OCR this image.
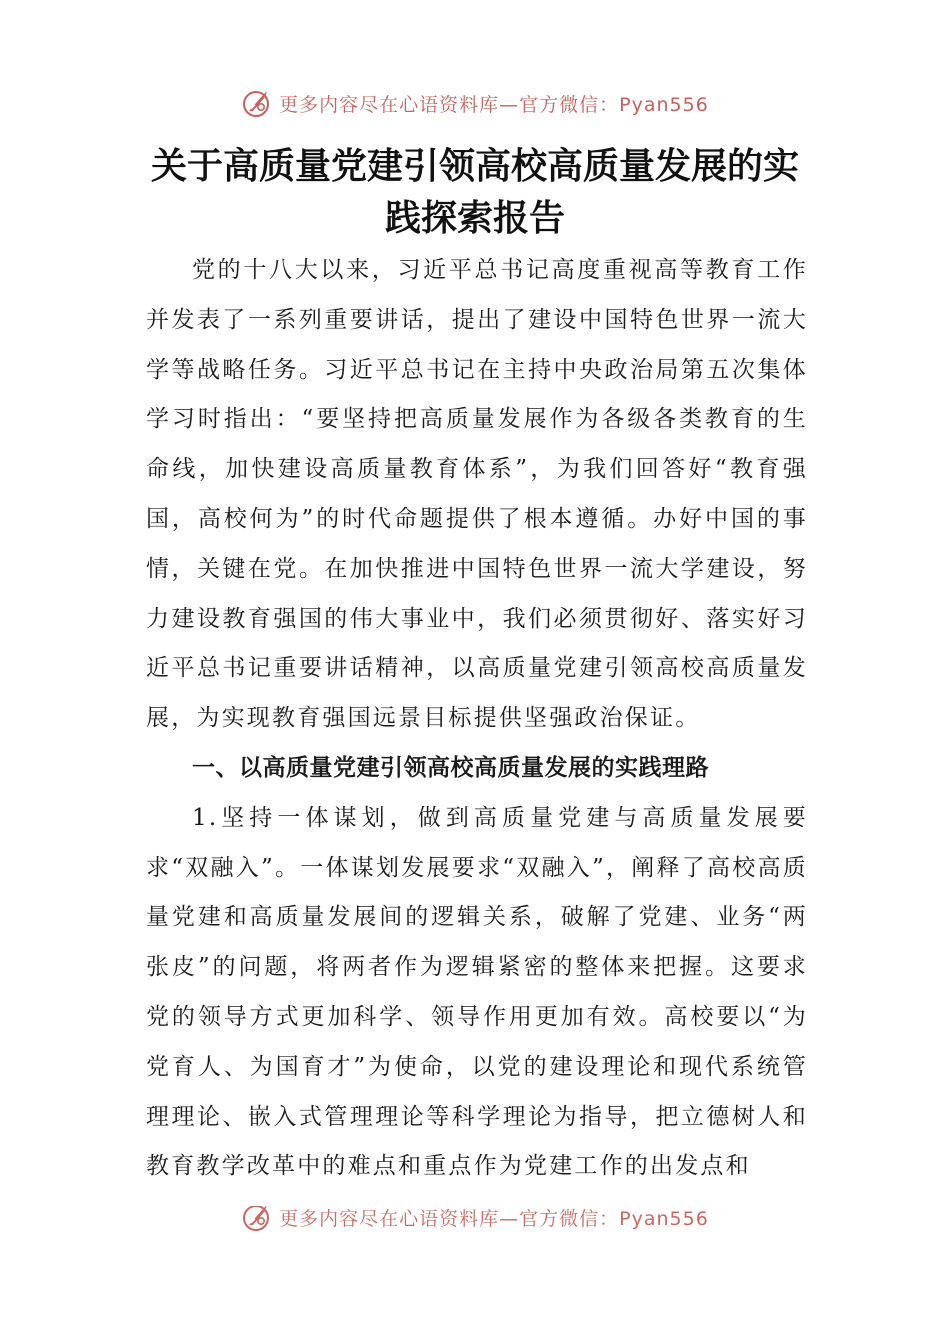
更多内容尽在心语资料库—官方微信：Pyan556
关于高质量党建引领高校高质量发展的实践探索报告

党的十八大以来，习近平总书记高度重视高等教育工作并发表了一系列重要讲话，提出了建设中国特色世界一流大学等战略任务。习近平总书记在主持中央政治局第五次集体学习时指出：“要坚持把高质量发展作为各级各类教育的生命线，加快建设高质量教育体系”，为我们回答好“教育强国，高校何为”的时代命题提供了根本遵循。办好中国的事情，关键在党。在加快推进中国特色世界一流大学建设，努力建设教育强国的伟大事业中，我们必须贯彻好、落实好习近平总书记重要讲话精神，以高质量党建引领高校高质量发展，为实现教育强国远景目标提供坚强政治保证。

一、以高质量党建引领高校高质量发展的实践理路

1.坚持一体谋划，做到高质量党建与高质量发展要求“双融入”。一体谋划发展要求“双融入”，阐释了高校高质量党建和高质量发展间的逻辑关系，破解了党建、业务“两张皮”的问题，将两者作为逻辑紧密的整体来把握。这要求党的领导方式更加科学、领导作用更加有效。高校要以“为党育人、为国育才”为使命，以党的建设理论和现代系统管理理论、嵌入式管理理论等科学理论为指导，把立德树人和教育教学改革中的难点和重点作为党建工作的出发点和

更多内容尽在心语资料库—官方微信：Pyan556
